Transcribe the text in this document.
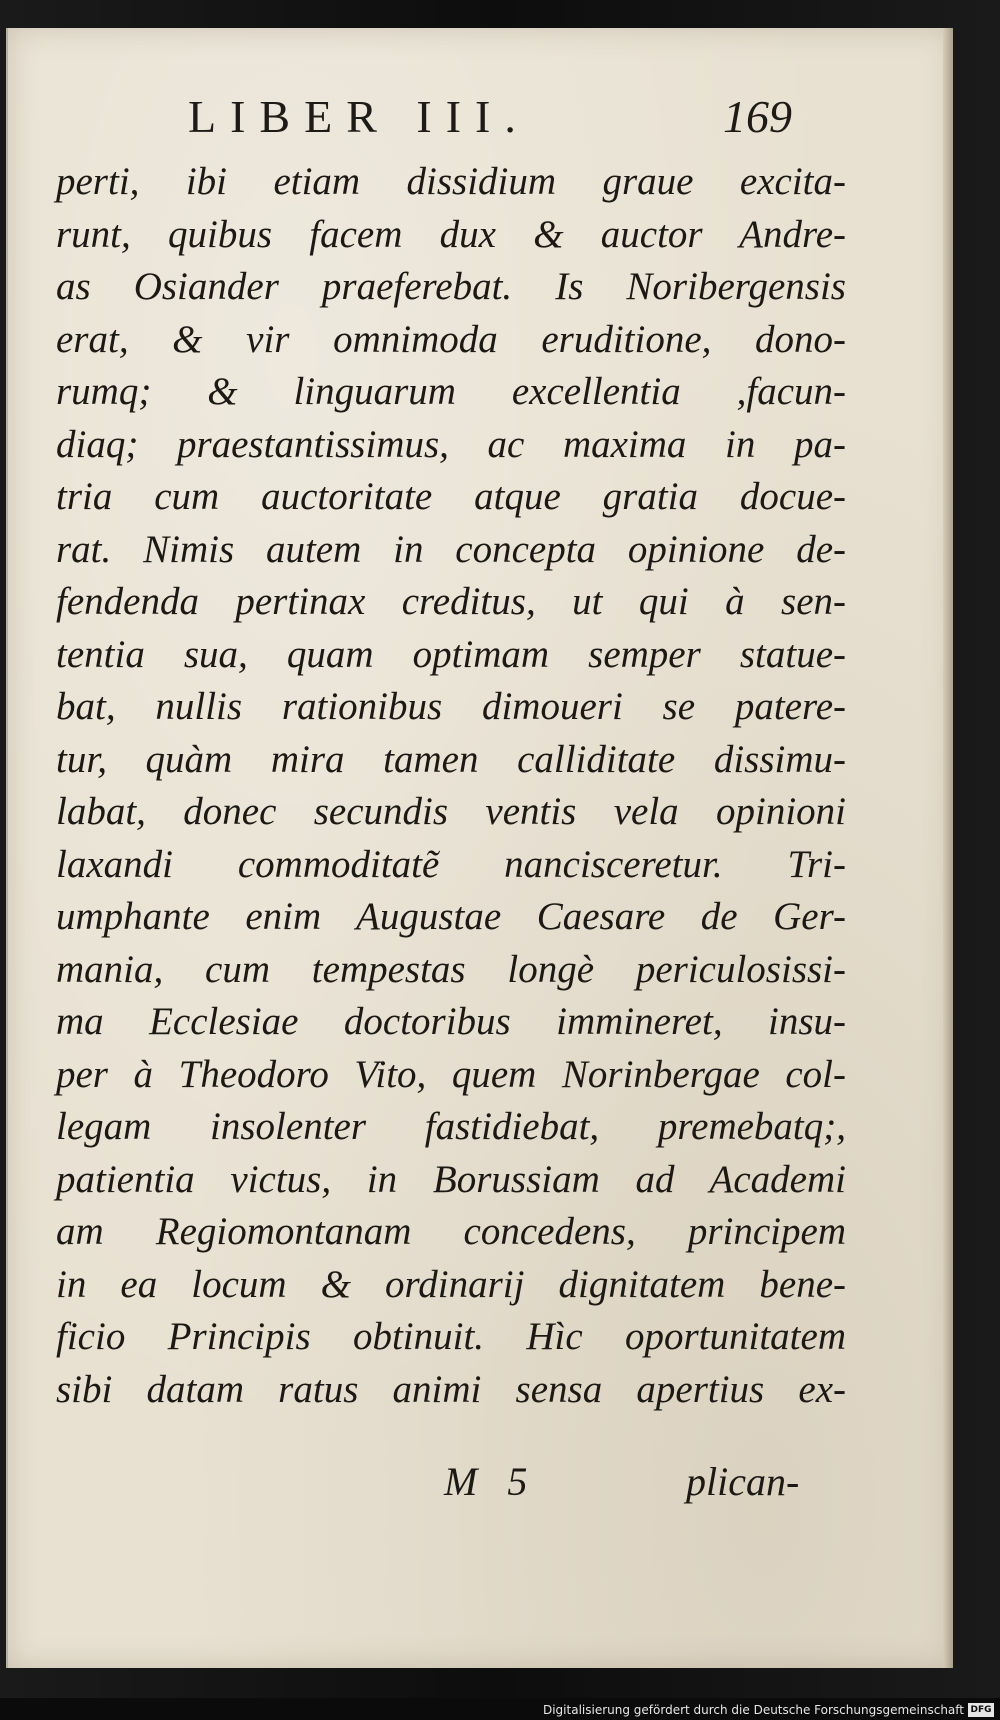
LIBER III.	169
perti, ibi etiam dissidium graue excita-
runt, quibus facem dux & auctor Andre-
as Osiander praeferebat. Is Noribergensis
erat, & vir omnimoda eruditione, dono-
rumq; & linguarum excellentia ,facun-
diaq; praestantissimus, ac maxima in pa-
tria cum auctoritate atque gratia docue-
rat. Nimis autem in concepta opinione de-
fendenda pertinax creditus, ut qui à sen-
tentia sua, quam optimam semper statue-
bat, nullis rationibus dimoueri se patere-
tur, quàm mira tamen calliditate dissimu-
labat, donec secundis ventis vela opinioni
laxandi commoditatẽ nancisceretur. Tri-
umphante enim Augustae Caesare de Ger-
mania, cum tempestas longè periculosissi-
ma Ecclesiae doctoribus immineret, insu-
per à Theodoro Vito, quem Norinbergae col-
legam insolenter fastidiebat, premebatq;,
patientia victus, in Borussiam ad Academi
am Regiomontanam concedens, principem
in ea locum & ordinarij dignitatem bene-
ficio Principis obtinuit. Hìc oportunitatem
sibi datam ratus animi sensa apertius ex-
M 5	plican-
Digitalisierung gefördert durch die Deutsche Forschungsgemeinschaft DFG
